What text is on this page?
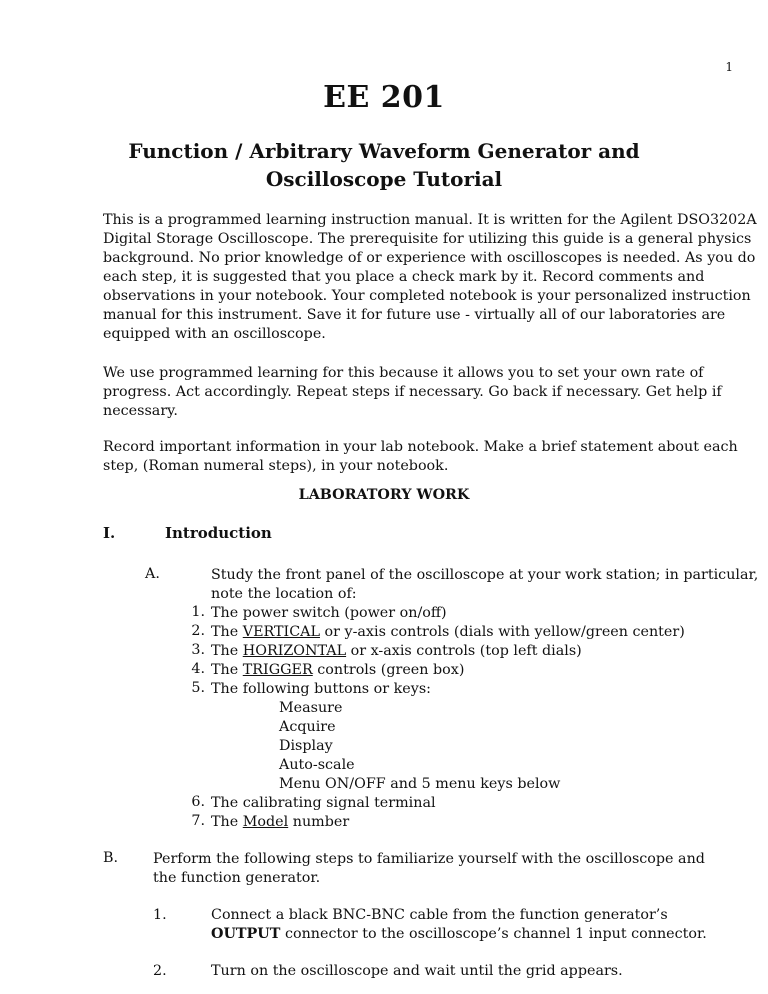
1
EE 201
Function / Arbitrary Waveform Generator and
Oscilloscope Tutorial
This is a programmed learning instruction manual. It is written for the Agilent DSO3202A
Digital Storage Oscilloscope. The prerequisite for utilizing this guide is a general physics
background. No prior knowledge of or experience with oscilloscopes is needed. As you do
each step, it is suggested that you place a check mark by it. Record comments and
observations in your notebook. Your completed notebook is your personalized instruction
manual for this instrument. Save it for future use - virtually all of our laboratories are
equipped with an oscilloscope.
We use programmed learning for this because it allows you to set your own rate of
progress. Act accordingly. Repeat steps if necessary. Go back if necessary. Get help if
necessary.
Record important information in your lab notebook. Make a brief statement about each
step, (Roman numeral steps), in your notebook.
LABORATORY WORK
I.	Introduction
A.	Study the front panel of the oscilloscope at your work station; in particular,
note the location of:
1. The power switch (power on/off)
2. The VERTICAL or y-axis controls (dials with yellow/green center)
3. The HORIZONTAL or x-axis controls (top left dials)
4. The TRIGGER controls (green box)
5. The following buttons or keys:
Measure
Acquire
Display
Auto-scale
Menu ON/OFF and 5 menu keys below
6. The calibrating signal terminal
7. The Model number
B. Perform the following steps to familiarize yourself with the oscilloscope and
the function generator.
1.	Connect a black BNC-BNC cable from the function generator’s
OUTPUT connector to the oscilloscope’s channel 1 input connector.
2.	Turn on the oscilloscope and wait until the grid appears.
